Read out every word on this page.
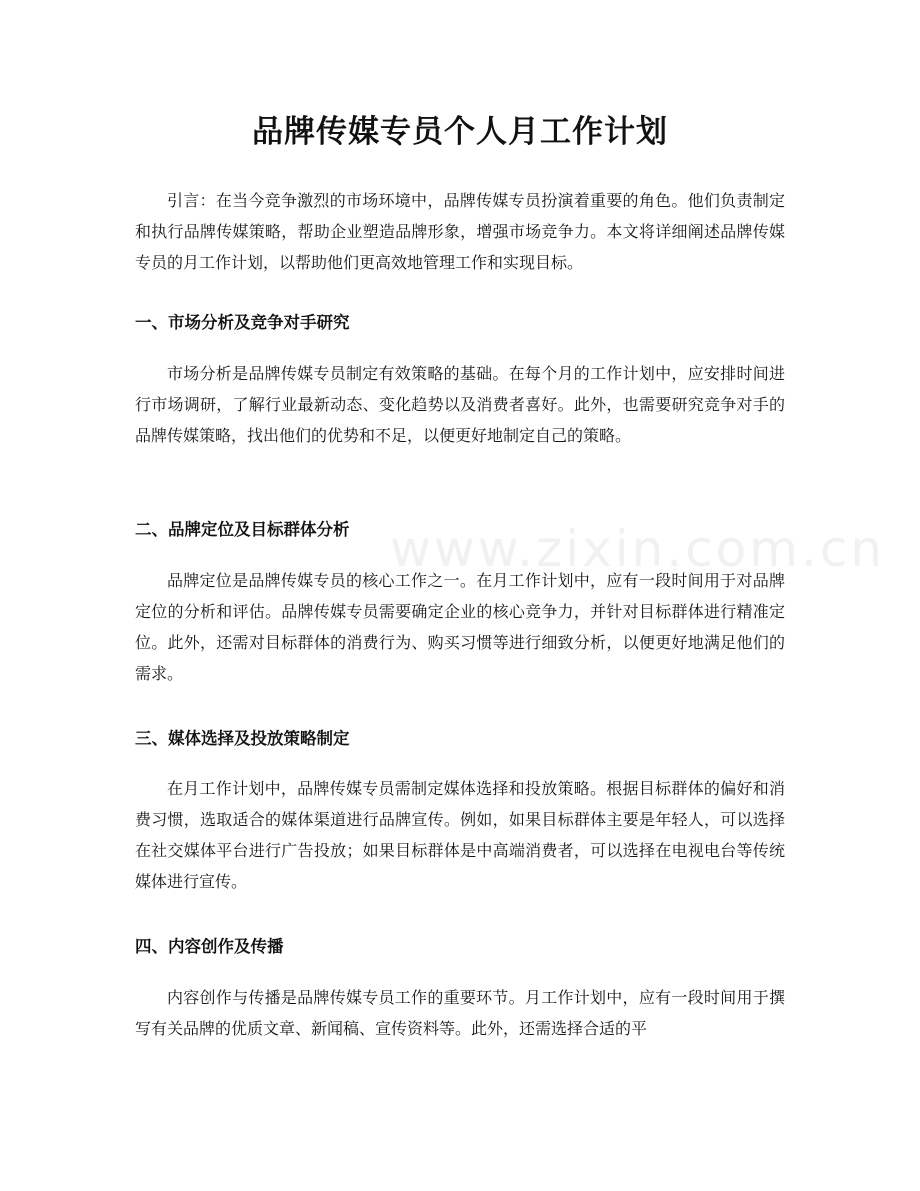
品牌传媒专员个人月工作计划

引言：在当今竞争激烈的市场环境中，品牌传媒专员扮演着重要的角色。他们负责制定和执行品牌传媒策略，帮助企业塑造品牌形象，增强市场竞争力。本文将详细阐述品牌传媒专员的月工作计划，以帮助他们更高效地管理工作和实现目标。

一、市场分析及竞争对手研究

市场分析是品牌传媒专员制定有效策略的基础。在每个月的工作计划中，应安排时间进行市场调研，了解行业最新动态、变化趋势以及消费者喜好。此外，也需要研究竞争对手的品牌传媒策略，找出他们的优势和不足，以便更好地制定自己的策略。

二、品牌定位及目标群体分析

品牌定位是品牌传媒专员的核心工作之一。在月工作计划中，应有一段时间用于对品牌定位的分析和评估。品牌传媒专员需要确定企业的核心竞争力，并针对目标群体进行精准定位。此外，还需对目标群体的消费行为、购买习惯等进行细致分析，以便更好地满足他们的需求。

三、媒体选择及投放策略制定

在月工作计划中，品牌传媒专员需制定媒体选择和投放策略。根据目标群体的偏好和消费习惯，选取适合的媒体渠道进行品牌宣传。例如，如果目标群体主要是年轻人，可以选择在社交媒体平台进行广告投放；如果目标群体是中高端消费者，可以选择在电视电台等传统媒体进行宣传。

四、内容创作及传播

内容创作与传播是品牌传媒专员工作的重要环节。月工作计划中，应有一段时间用于撰写有关品牌的优质文章、新闻稿、宣传资料等。此外，还需选择合适的平

www.zixin.com.cn
